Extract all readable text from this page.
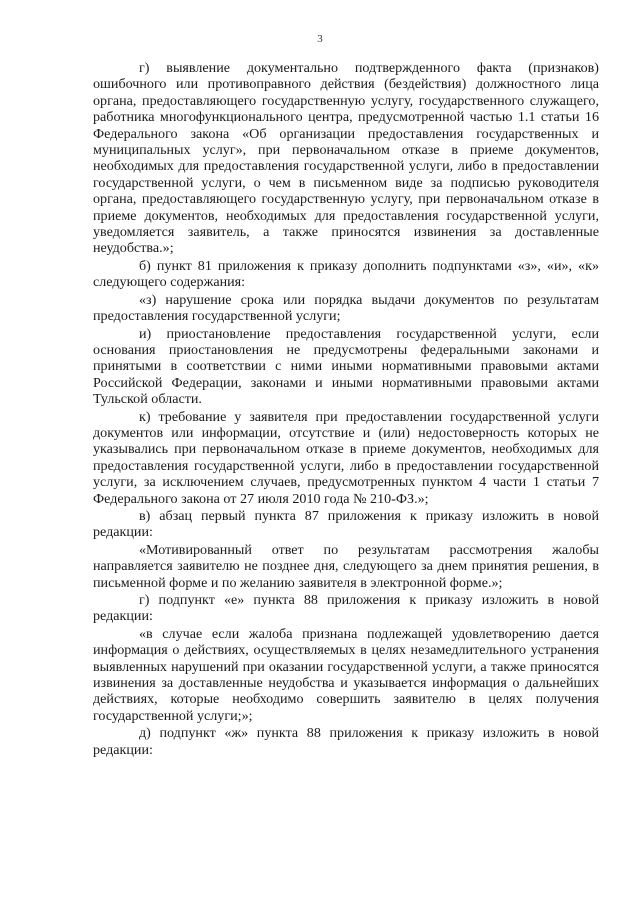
3

г) выявление документально подтвержденного факта (признаков) ошибочного или противоправного действия (бездействия) должностного лица органа, предоставляющего государственную услугу, государственного служащего, работника многофункционального центра, предусмотренной частью 1.1 статьи 16 Федерального закона «Об организации предоставления государственных и муниципальных услуг», при первоначальном отказе в приеме документов, необходимых для предоставления государственной услуги, либо в предоставлении государственной услуги, о чем в письменном виде за подписью руководителя органа, предоставляющего государственную услугу, при первоначальном отказе в приеме документов, необходимых для предоставления государственной услуги, уведомляется заявитель, а также приносятся извинения за доставленные неудобства.»;

б) пункт 81 приложения к приказу дополнить подпунктами «з», «и», «к» следующего содержания:

«з) нарушение срока или порядка выдачи документов по результатам предоставления государственной услуги;

и) приостановление предоставления государственной услуги, если основания приостановления не предусмотрены федеральными законами и принятыми в соответствии с ними иными нормативными правовыми актами Российской Федерации, законами и иными нормативными правовыми актами Тульской области.

к) требование у заявителя при предоставлении государственной услуги документов или информации, отсутствие и (или) недостоверность которых не указывались при первоначальном отказе в приеме документов, необходимых для предоставления государственной услуги, либо в предоставлении государственной услуги, за исключением случаев, предусмотренных пунктом 4 части 1 статьи 7 Федерального закона от 27 июля 2010 года № 210-ФЗ.»;

в) абзац первый пункта 87 приложения к приказу изложить в новой редакции:

«Мотивированный ответ по результатам рассмотрения жалобы направляется заявителю не позднее дня, следующего за днем принятия решения, в письменной форме и по желанию заявителя в электронной форме.»;

г) подпункт «е» пункта 88 приложения к приказу изложить в новой редакции:

«в случае если жалоба признана подлежащей удовлетворению дается информация о действиях, осуществляемых в целях незамедлительного устранения выявленных нарушений при оказании государственной услуги, а также приносятся извинения за доставленные неудобства и указывается информация о дальнейших действиях, которые необходимо совершить заявителю в целях получения государственной услуги;»;

д) подпункт «ж» пункта 88 приложения к приказу изложить в новой редакции:
